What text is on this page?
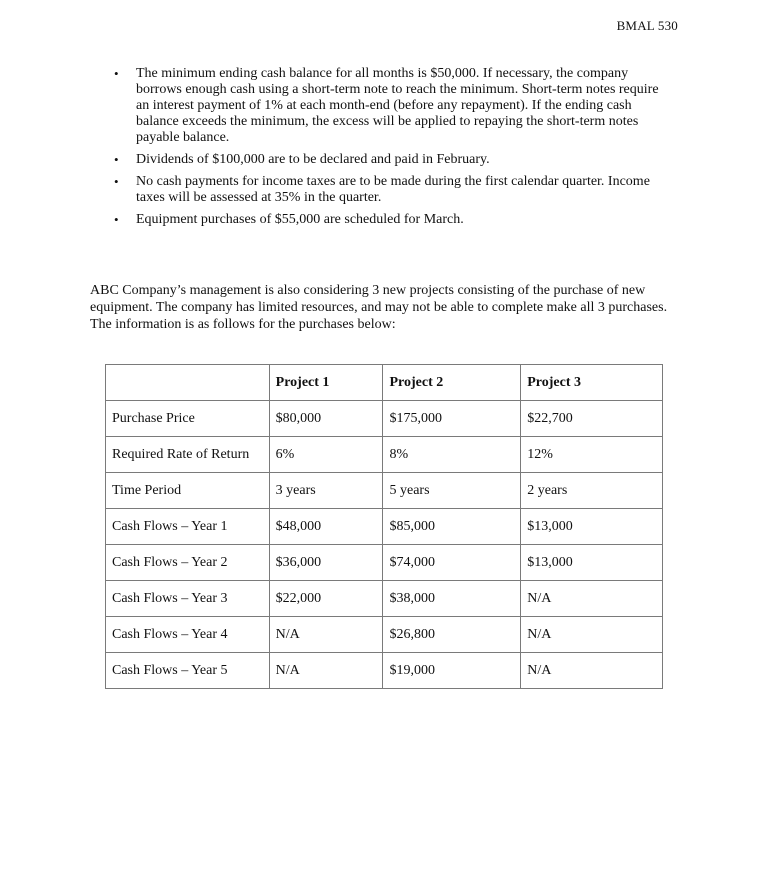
BMAL 530
• The minimum ending cash balance for all months is $50,000. If necessary, the company borrows enough cash using a short-term note to reach the minimum. Short-term notes require an interest payment of 1% at each month-end (before any repayment). If the ending cash balance exceeds the minimum, the excess will be applied to repaying the short-term notes payable balance.
• Dividends of $100,000 are to be declared and paid in February.
• No cash payments for income taxes are to be made during the first calendar quarter. Income taxes will be assessed at 35% in the quarter.
• Equipment purchases of $55,000 are scheduled for March.

ABC Company’s management is also considering 3 new projects consisting of the purchase of new equipment. The company has limited resources, and may not be able to complete make all 3 purchases. The information is as follows for the purchases below:

	Project 1	Project 2	Project 3
Purchase Price	$80,000	$175,000	$22,700
Required Rate of Return	6%	8%	12%
Time Period	3 years	5 years	2 years
Cash Flows – Year 1	$48,000	$85,000	$13,000
Cash Flows – Year 2	$36,000	$74,000	$13,000
Cash Flows – Year 3	$22,000	$38,000	N/A
Cash Flows – Year 4	N/A	$26,800	N/A
Cash Flows – Year 5	N/A	$19,000	N/A
